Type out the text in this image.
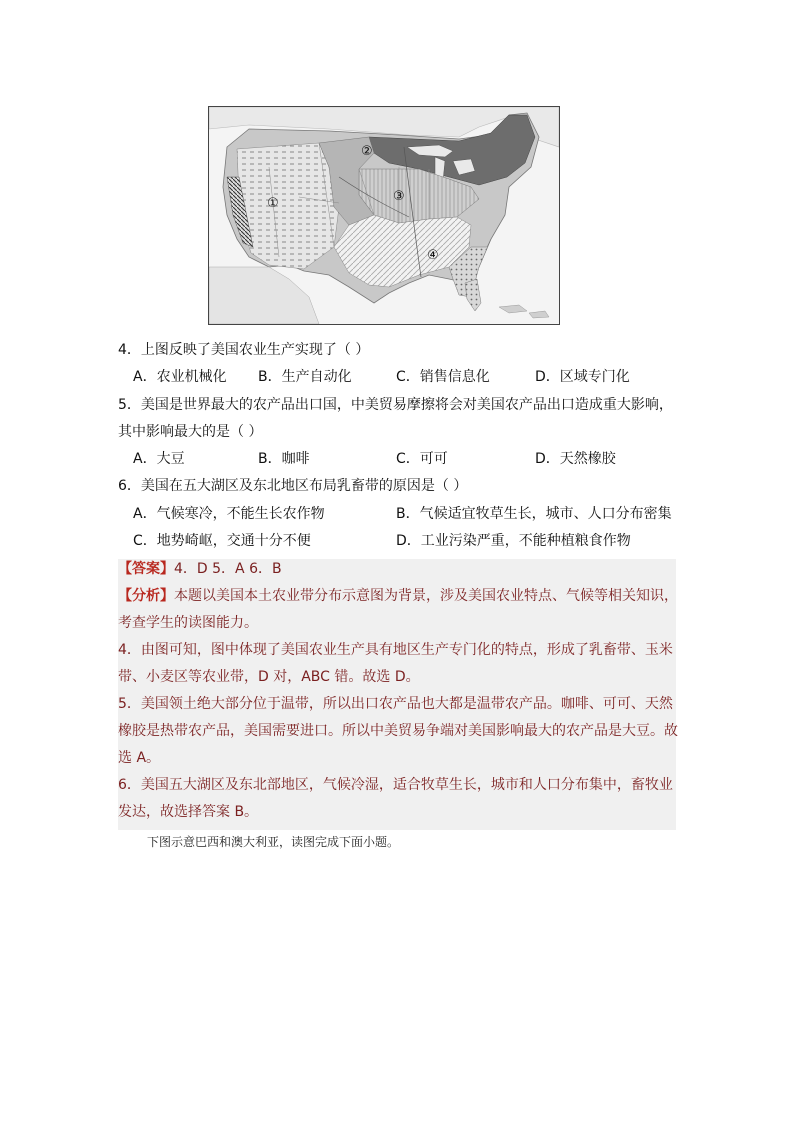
①
②
③
④
4．上图反映了美国农业生产实现了（ ）
A．农业机械化 B．生产自动化	C．销售信息化	D．区域专门化
5．美国是世界最大的农产品出口国，中美贸易摩擦将会对美国农产品出口造成重大影响，
其中影响最大的是（ ）
A．大豆	B．咖啡	C．可可	D．天然橡胶
6．美国在五大湖区及东北地区布局乳畜带的原因是（ ）
A．气候寒冷，不能生长农作物	B．气候适宜牧草生长，城市、人口分布密集
C．地势崎岖，交通十分不便	D．工业污染严重，不能种植粮食作物
【答案】4．D 5．A 6．B
【分析】本题以美国本土农业带分布示意图为背景，涉及美国农业特点、气候等相关知识，
考查学生的读图能力。
4．由图可知，图中体现了美国农业生产具有地区生产专门化的特点，形成了乳畜带、玉米
带、小麦区等农业带，D 对，ABC 错。故选 D。
5．美国领土绝大部分位于温带，所以出口农产品也大都是温带农产品。咖啡、可可、天然
橡胶是热带农产品，美国需要进口。所以中美贸易争端对美国影响最大的农产品是大豆。故
选 A。
6．美国五大湖区及东北部地区，气候冷湿，适合牧草生长，城市和人口分布集中，畜牧业
发达，故选择答案 B。
下图示意巴西和澳大利亚，读图完成下面小题。
